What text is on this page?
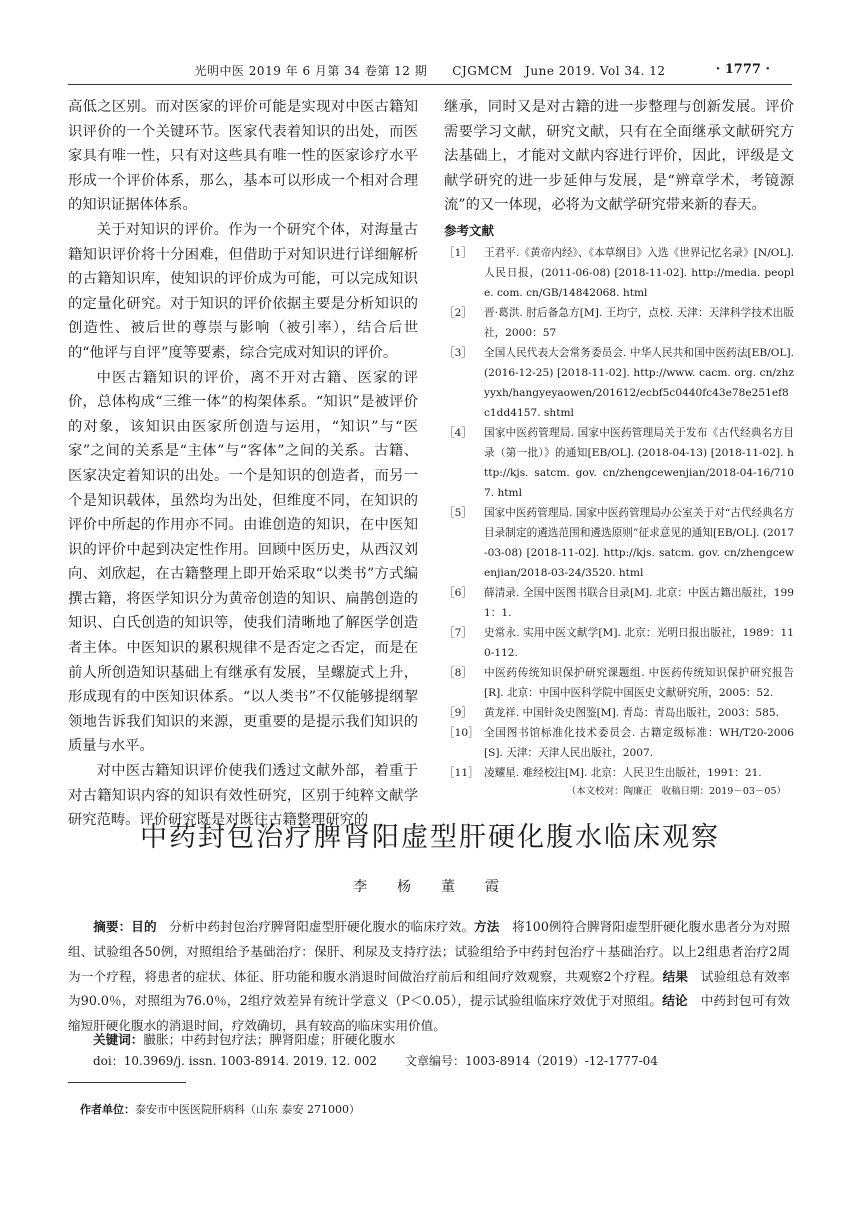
光明中医 2019 年 6 月第 34 卷第 12 期　　CJGMCM　June 2019. Vol 34. 12	· 1777 ·

高低之区别。而对医家的评价可能是实现对中医古籍知识评价的一个关键环节。医家代表着知识的出处，而医家具有唯一性，只有对这些具有唯一性的医家诊疗水平形成一个评价体系，那么，基本可以形成一个相对合理的知识证据体体系。

关于对知识的评价。作为一个研究个体，对海量古籍知识评价将十分困难，但借助于对知识进行详细解析的古籍知识库，使知识的评价成为可能，可以完成知识的定量化研究。对于知识的评价依据主要是分析知识的创造性、被后世的尊崇与影响（被引率），结合后世的“他评与自评”度等要素，综合完成对知识的评价。

中医古籍知识的评价，离不开对古籍、医家的评价，总体构成“三维一体”的构架体系。“知识”是被评价的对象，该知识由医家所创造与运用，“知识”与“医家”之间的关系是“主体”与“客体”之间的关系。古籍、医家决定着知识的出处。一个是知识的创造者，而另一个是知识载体，虽然均为出处，但维度不同，在知识的评价中所起的作用亦不同。由谁创造的知识，在中医知识的评价中起到决定性作用。回顾中医历史，从西汉刘向、刘欣起，在古籍整理上即开始采取“以类书”方式编撰古籍，将医学知识分为黄帝创造的知识、扁鹊创造的知识、白氏创造的知识等，使我们清晰地了解医学创造者主体。中医知识的累积规律不是否定之否定，而是在前人所创造知识基础上有继承有发展，呈螺旋式上升，形成现有的中医知识体系。“以人类书”不仅能够提纲挈领地告诉我们知识的来源，更重要的是提示我们知识的质量与水平。

对中医古籍知识评价使我们透过文献外部，着重于对古籍知识内容的知识有效性研究，区别于纯粹文献学研究范畴。评价研究既是对既往古籍整理研究的

继承，同时又是对古籍的进一步整理与创新发展。评价需要学习文献，研究文献，只有在全面继承文献研究方法基础上，才能对文献内容进行评价，因此，评级是文献学研究的进一步延伸与发展，是“辨章学术，考镜源流”的又一体现，必将为文献学研究带来新的春天。

参考文献
［1］	王君平.《黄帝内经》、《本草纲目》入选《世界记忆名录》[N/OL]. 人民日报，(2011-06-08) [2018-11-02]. http://media. people. com. cn/GB/14842068. html
［2］	晋·葛洪. 肘后备急方[M]. 王均宁，点校. 天津：天津科学技术出版社，2000：57
［3］	全国人民代表大会常务委员会. 中华人民共和国中医药法[EB/OL]. (2016-12-25) [2018-11-02]. http://www. cacm. org. cn/zhzyyxh/hangyeyaowen/201612/ecbf5c0440fc43e78e251ef8c1dd4157. shtml
［4］	国家中医药管理局. 国家中医药管理局关于发布《古代经典名方目录（第一批）》的通知[EB/OL]. (2018-04-13) [2018-11-02]. http://kjs. satcm. gov. cn/zhengcewenjian/2018-04-16/7107. html
［5］	国家中医药管理局. 国家中医药管理局办公室关于对“古代经典名方目录制定的遴选范围和遴选原则”征求意见的通知[EB/OL]. (2017-03-08) [2018-11-02]. http://kjs. satcm. gov. cn/zhengcewenjian/2018-03-24/3520. html
［6］	薛清录. 全国中医图书联合目录[M]. 北京：中医古籍出版社，1991：1.
［7］	史常永. 实用中医文献学[M]. 北京：光明日报出版社，1989：110-112.
［8］	中医药传统知识保护研究课题组. 中医药传统知识保护研究报告[R]. 北京：中国中医科学院中国医史文献研究所，2005：52.
［9］	黄龙祥. 中国针灸史图鉴[M]. 青岛：青岛出版社，2003：585.
［10］ 全国图书馆标准化技术委员会. 古籍定级标准：WH/T20-2006[S]. 天津：天津人民出版社，2007.
［11］ 凌耀星. 难经校注[M]. 北京：人民卫生出版社，1991：21.
（本文校对：陶廉正　收稿日期：2019－03－05）
中药封包治疗脾肾阳虚型肝硬化腹水临床观察
李　杨　董　霞

摘要：目的　分析中药封包治疗脾肾阳虚型肝硬化腹水的临床疗效。方法　将100例符合脾肾阳虚型肝硬化腹水患者分为对照组、试验组各50例，对照组给予基础治疗：保肝、利尿及支持疗法；试验组给予中药封包治疗＋基础治疗。以上2组患者治疗2周为一个疗程，将患者的症状、体征、肝功能和腹水消退时间做治疗前后和组间疗效观察，共观察2个疗程。结果　试验组总有效率为90.0％，对照组为76.0％，2组疗效差异有统计学意义（P＜0.05），提示试验组临床疗效优于对照组。结论　中药封包可有效缩短肝硬化腹水的消退时间，疗效确切，具有较高的临床实用价值。

关键词：臌胀；中药封包疗法；脾肾阳虚；肝硬化腹水

doi：10.3969/j. issn. 1003-8914. 2019. 12. 002 文章编号：1003-8914（2019）-12-1777-04

作者单位：泰安市中医医院肝病科（山东 泰安 271000）
